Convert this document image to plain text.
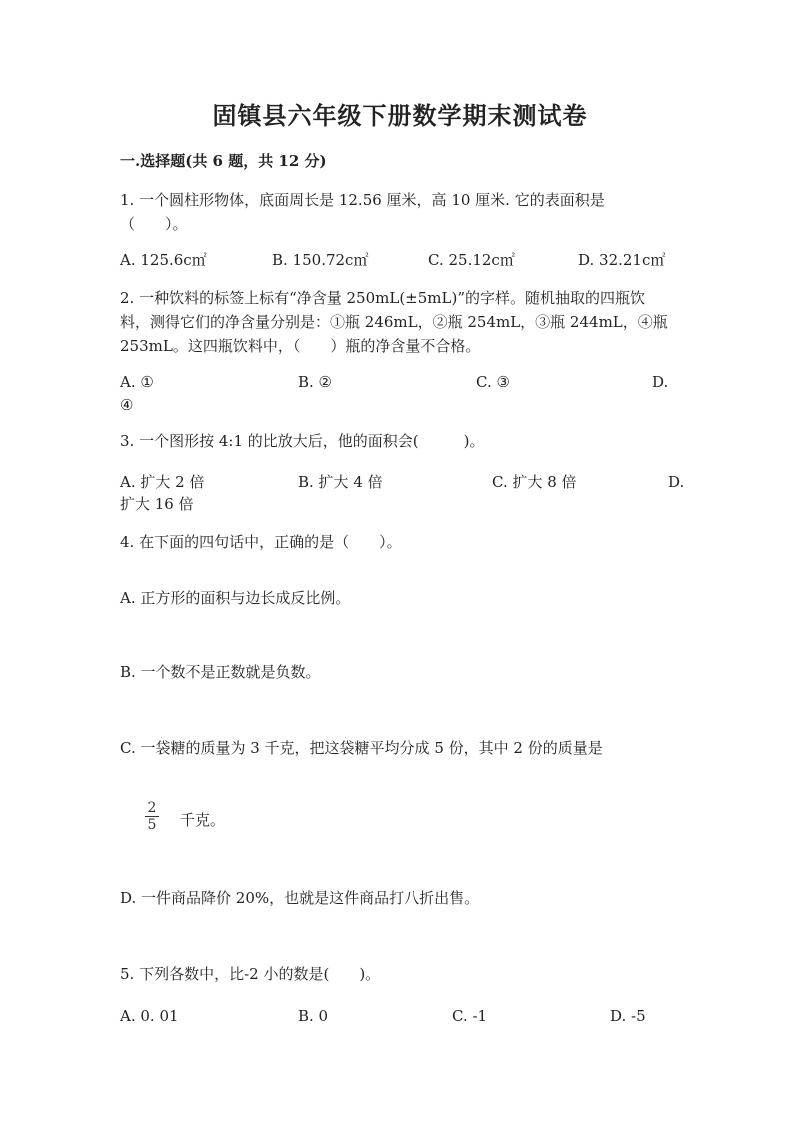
固镇县六年级下册数学期末测试卷
一.选择题(共 6 题，共 12 分)
1. 一个圆柱形物体，底面周长是 12.56 厘米，高 10 厘米. 它的表面积是
（　　）。
A. 125.6c㎡	B. 150.72c㎡	C. 25.12c㎡	D. 32.21c㎡
2. 一种饮料的标签上标有“净含量 250mL(±5mL)”的字样。随机抽取的四瓶饮
料，测得它们的净含量分别是：①瓶 246mL，②瓶 254mL，③瓶 244mL，④瓶
253mL。这四瓶饮料中，（　　）瓶的净含量不合格。
A. ①	B. ②	C. ③	D.
④
3. 一个图形按 4:1 的比放大后，他的面积会(　　　)。
A. 扩大 2 倍	B. 扩大 4 倍	C. 扩大 8 倍	D.
扩大 16 倍
4. 在下面的四句话中，正确的是（　　）。
A. 正方形的面积与边长成反比例。
B. 一个数不是正数就是负数。
C. 一袋糖的质量为 3 千克，把这袋糖平均分成 5 份，其中 2 份的质量是
2
5 千克。
D. 一件商品降价 20%，也就是这件商品打八折出售。
5. 下列各数中，比-2 小的数是(　　)。
A. 0. 01	B. 0	C. -1	D. -5
